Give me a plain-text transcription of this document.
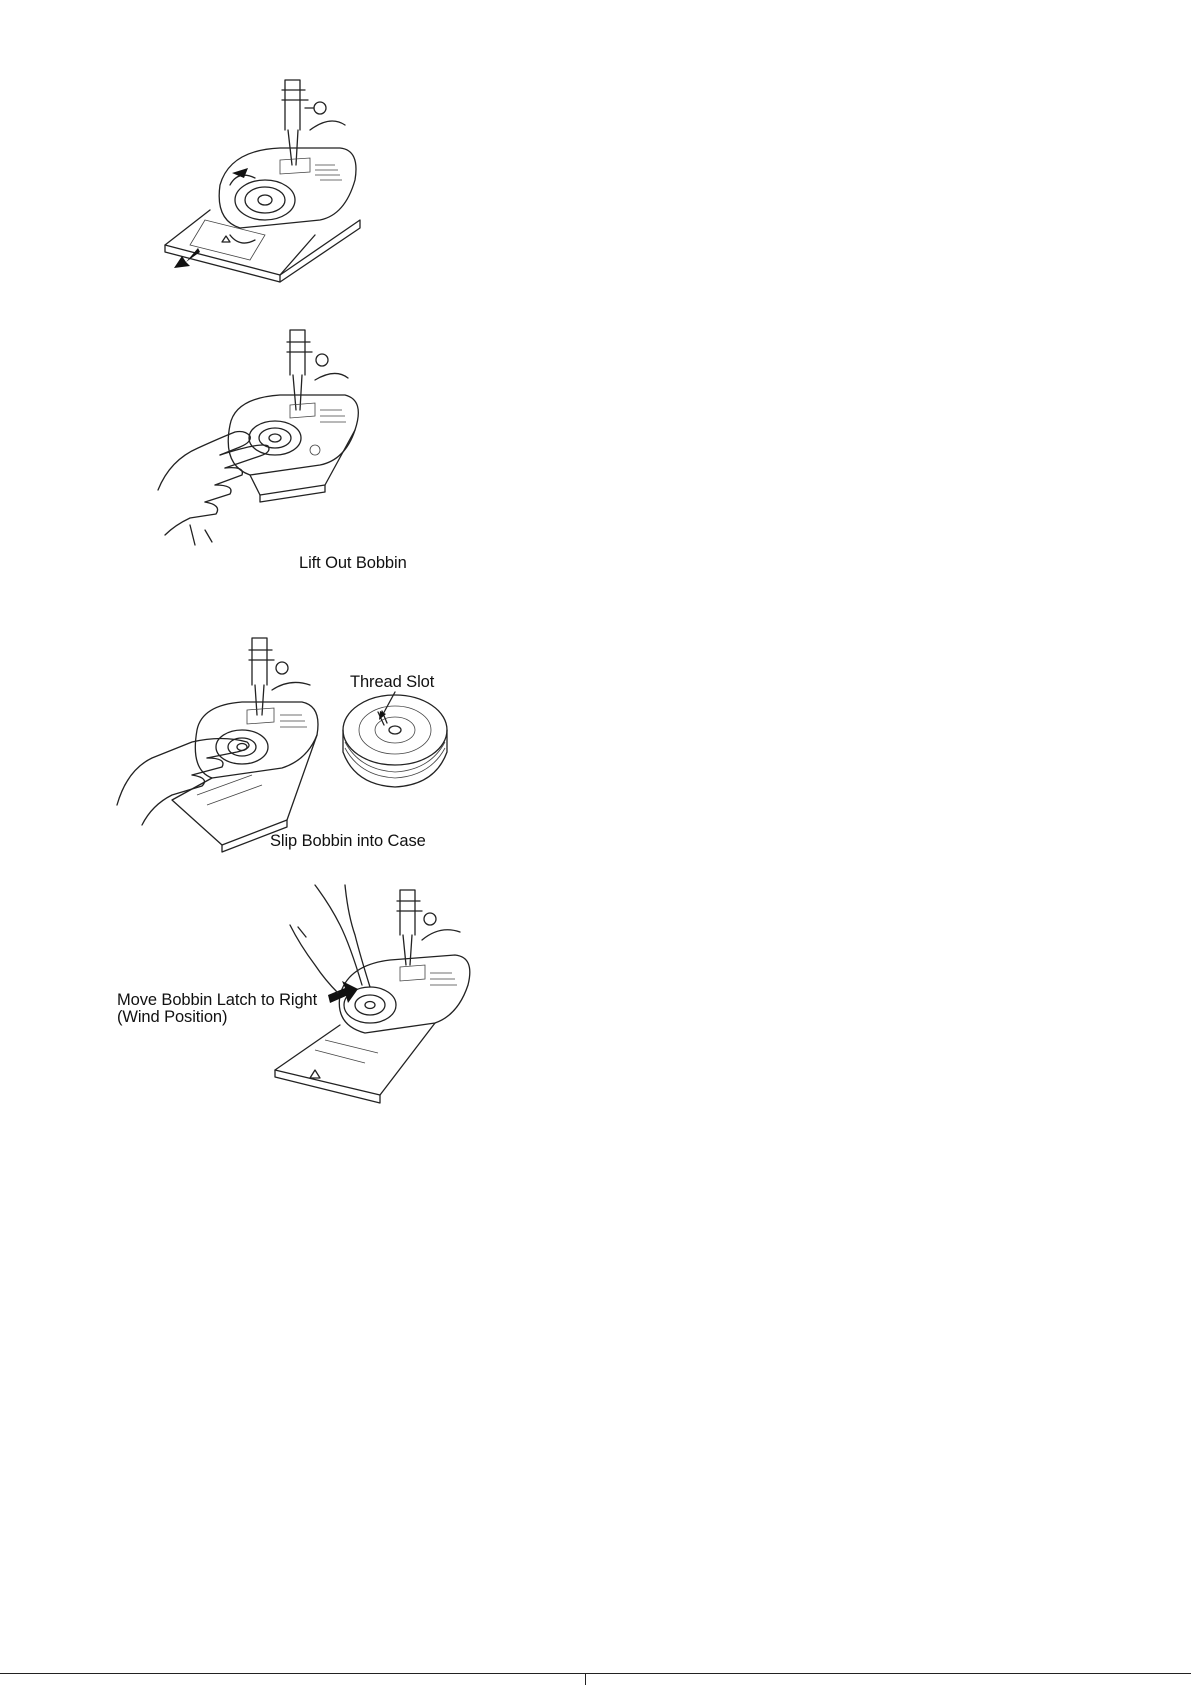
Lift Out Bobbin
Thread Slot
Slip Bobbin into Case
Move Bobbin Latch to Right
(Wind Position)
